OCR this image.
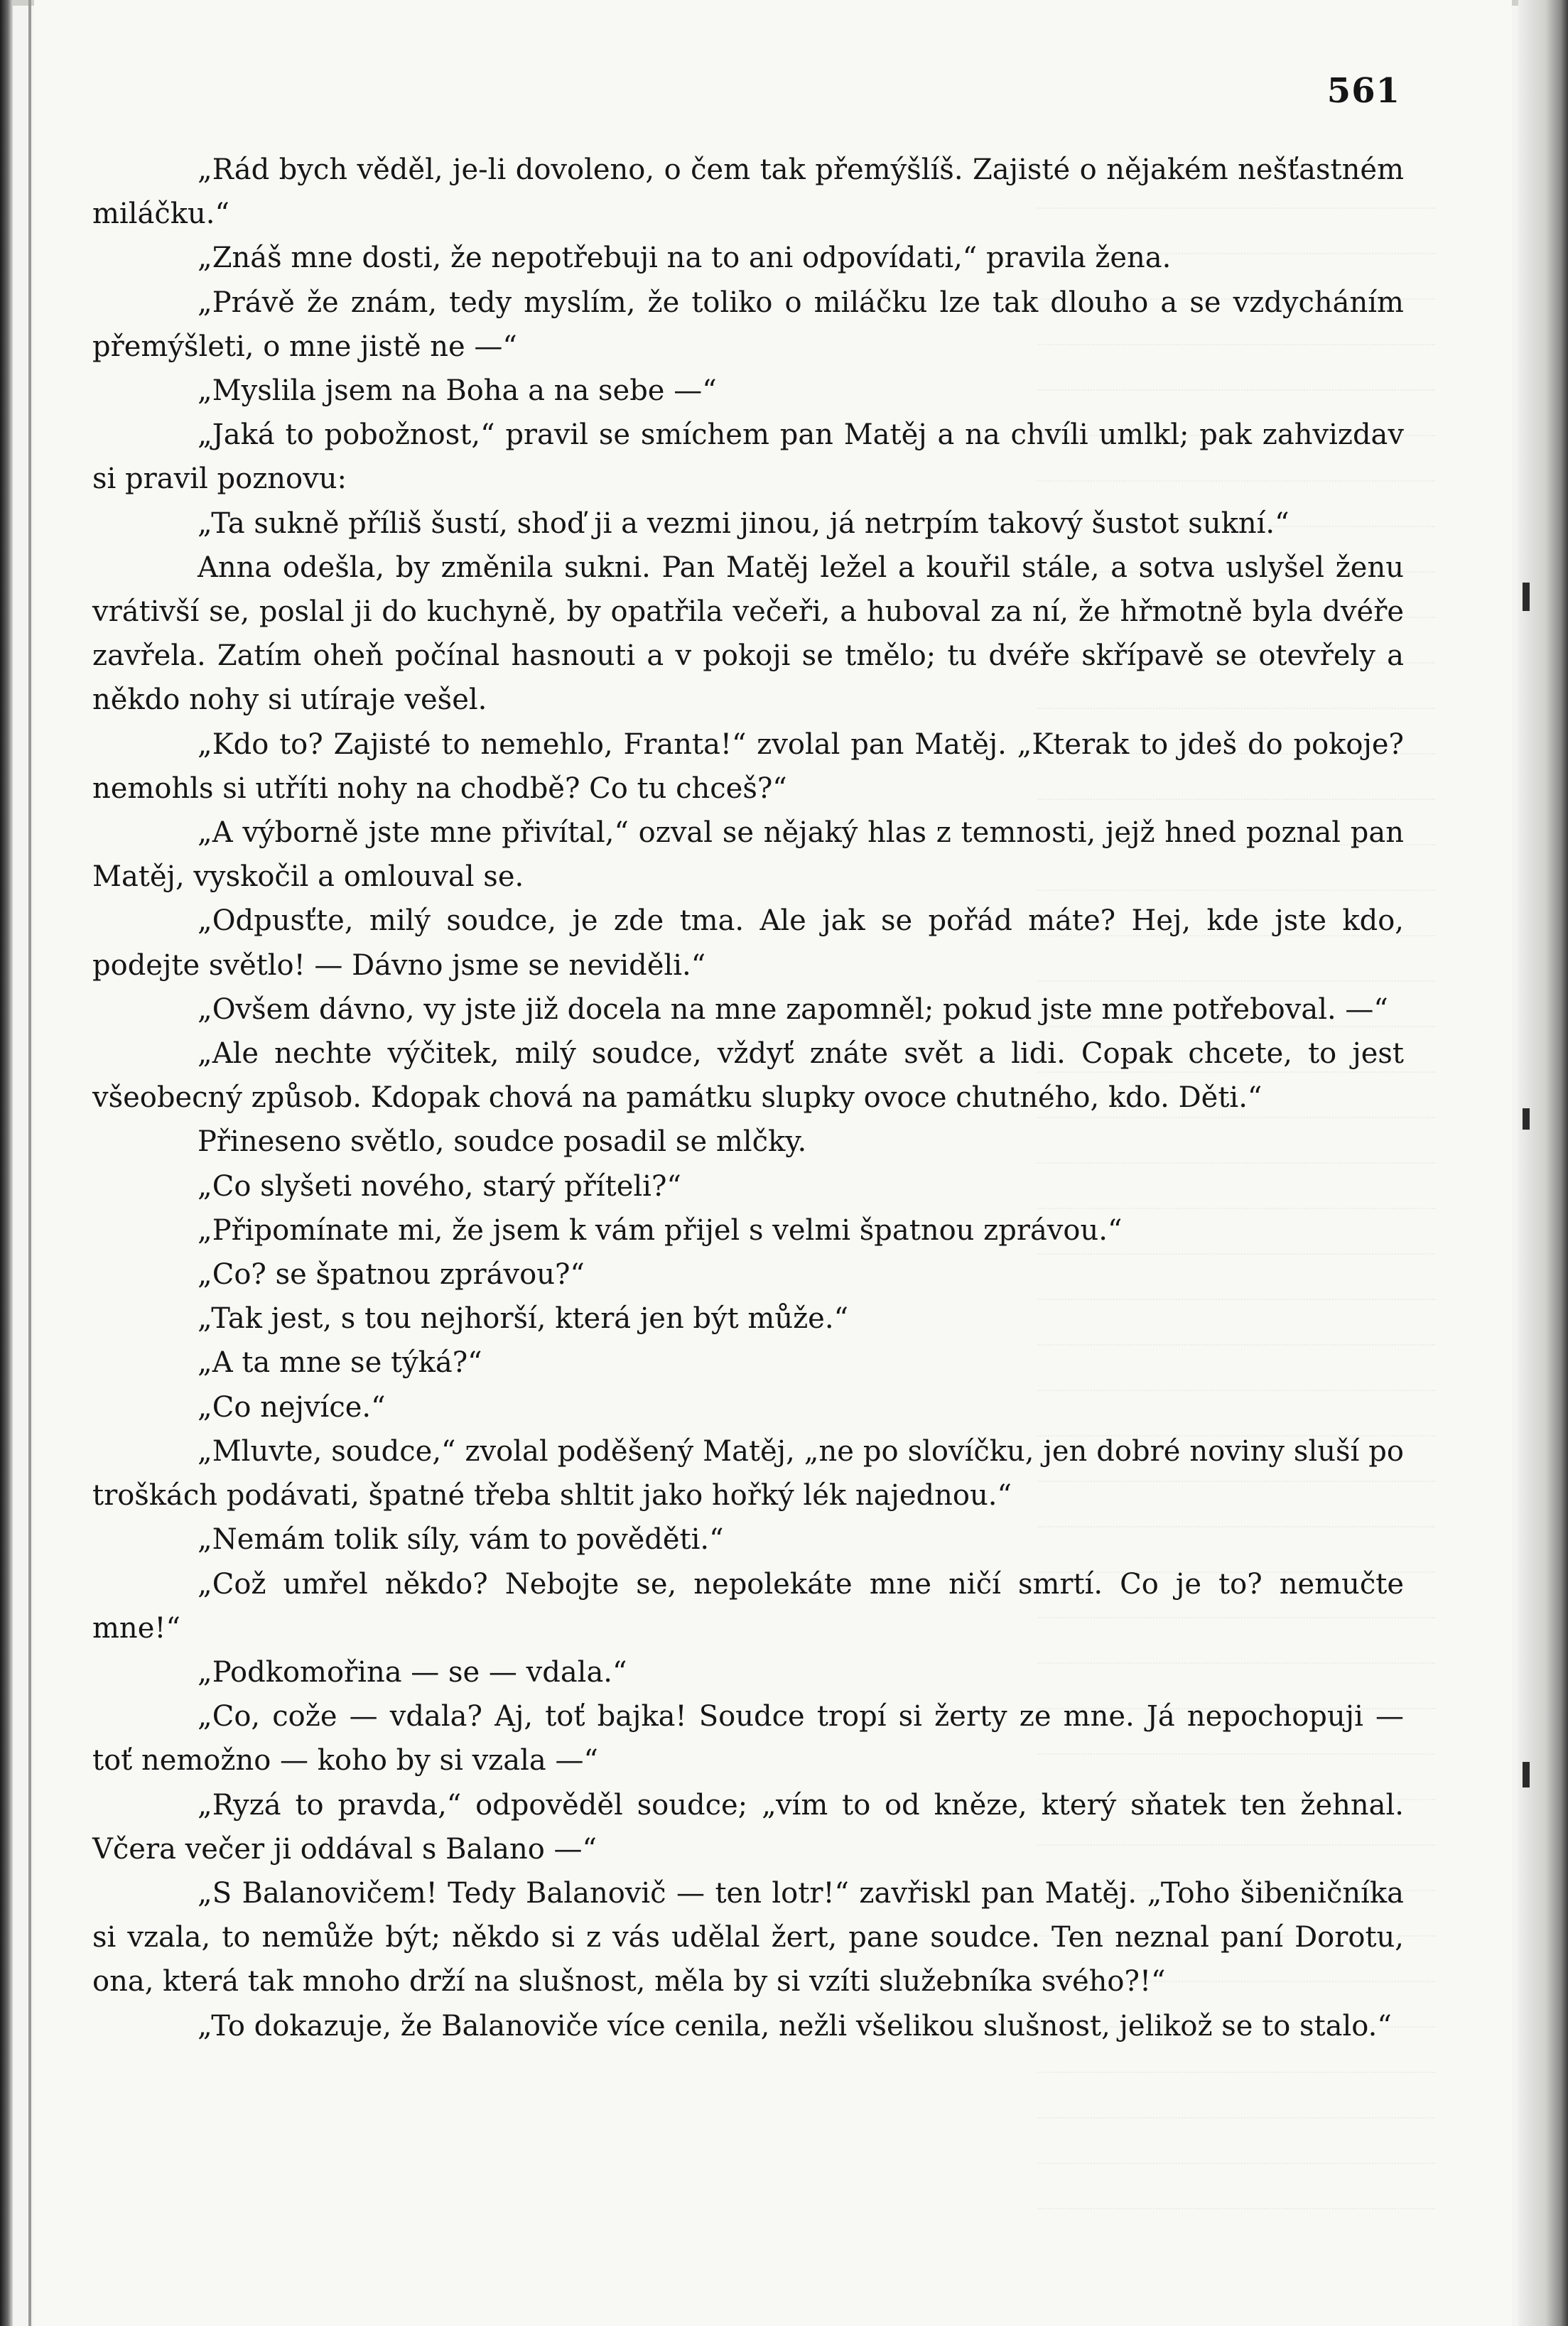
561

„Rád bych věděl, je-li dovoleno, o čem tak přemýšlíš. Zajisté o nějakém nešťastném miláčku.“

„Znáš mne dosti, že nepotřebuji na to ani odpovídati,“ pravila žena.

„Právě že znám, tedy myslím, že toliko o miláčku lze tak dlouho a se vzdycháním přemýšleti, o mne jistě ne —“

„Myslila jsem na Boha a na sebe —“

„Jaká to pobožnost,“ pravil se smíchem pan Matěj a na chvíli umlkl; pak zahvizdav si pravil poznovu:

„Ta sukně příliš šustí, shoď ji a vezmi jinou, já netrpím takový šustot sukní.“

Anna odešla, by změnila sukni. Pan Matěj ležel a kouřil stále, a sotva uslyšel ženu vrátivší se, poslal ji do kuchyně, by opatřila večeři, a huboval za ní, že hřmotně byla dvéře zavřela. Zatím oheň počínal hasnouti a v pokoji se tmělo; tu dvéře skřípavě se otevřely a někdo nohy si utíraje vešel.

„Kdo to? Zajisté to nemehlo, Franta!“ zvolal pan Matěj. „Kterak to jdeš do pokoje? nemohls si utříti nohy na chodbě? Co tu chceš?“

„A výborně jste mne přivítal,“ ozval se nějaký hlas z temnosti, jejž hned poznal pan Matěj, vyskočil a omlouval se.

„Odpusťte, milý soudce, je zde tma. Ale jak se pořád máte? Hej, kde jste kdo, podejte světlo! — Dávno jsme se neviděli.“

„Ovšem dávno, vy jste již docela na mne zapomněl; pokud jste mne potřeboval. —“

„Ale nechte výčitek, milý soudce, vždyť znáte svět a lidi. Copak chcete, to jest všeobecný způsob. Kdopak chová na památku slupky ovoce chutného, kdo. Děti.“

Přineseno světlo, soudce posadil se mlčky.

„Co slyšeti nového, starý příteli?“

„Připomínate mi, že jsem k vám přijel s velmi špatnou zprávou.“

„Co? se špatnou zprávou?“

„Tak jest, s tou nejhorší, která jen být může.“

„A ta mne se týká?“

„Co nejvíce.“

„Mluvte, soudce,“ zvolal poděšený Matěj, „ne po slovíčku, jen dobré noviny sluší po troškách podávati, špatné třeba shltit jako hořký lék najednou.“

„Nemám tolik síly, vám to pověděti.“

„Což umřel někdo? Nebojte se, nepolekáte mne ničí smrtí. Co je to? nemučte mne!“

„Podkomořina — se — vdala.“

„Co, cože — vdala? Aj, toť bajka! Soudce tropí si žerty ze mne. Já nepochopuji — toť nemožno — koho by si vzala —“

„Ryzá to pravda,“ odpověděl soudce; „vím to od kněze, který sňatek ten žehnal. Včera večer ji oddával s Balano —“

„S Balanovičem! Tedy Balanovič — ten lotr!“ zavřiskl pan Matěj. „Toho šibeničníka si vzala, to nemůže být; někdo si z vás udělal žert, pane soudce. Ten neznal paní Dorotu, ona, která tak mnoho drží na slušnost, měla by si vzíti služebníka svého?!“

„To dokazuje, že Balanoviče více cenila, nežli všelikou slušnost, jelikož se to stalo.“
